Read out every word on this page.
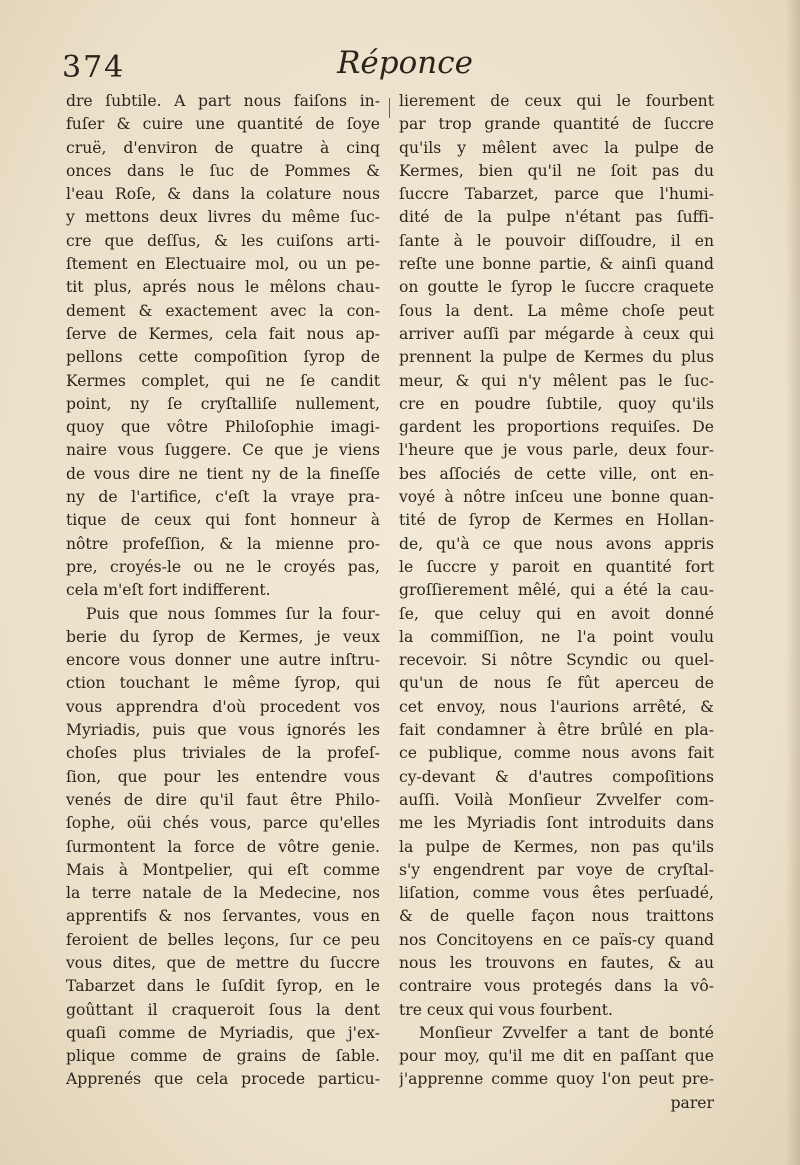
374	Réponce
dre ſubtile. A part nous faiſons in-
fuſer & cuire une quantité de ſoye
cruë, d'environ de quatre à cinq
onces dans le ſuc de Pommes &
l'eau Roſe, & dans la colature nous
y mettons deux livres du même ſuc-
cre que deſſus, & les cuiſons arti-
ſtement en Electuaire mol, ou un pe-
tit plus, aprés nous le mêlons chau-
dement & exactement avec la con-
ſerve de Kermes, cela fait nous ap-
pellons cette compoſition ſyrop de
Kermes complet, qui ne ſe candit
point, ny ſe cryſtalliſe nullement,
quoy que vôtre Philoſophie imagi-
naire vous ſuggere. Ce que je viens
de vous dire ne tient ny de la fineſſe
ny de l'artifice, c'eſt la vraye pra-
tique de ceux qui font honneur à
nôtre profeſſion, & la mienne pro-
pre, croyés-le ou ne le croyés pas,
cela m'eſt fort indifferent.
Puis que nous ſommes ſur la four-
berie du ſyrop de Kermes, je veux
encore vous donner une autre inſtru-
ction touchant le même ſyrop, qui
vous apprendra d'où procedent vos
Myriadis, puis que vous ignorés les
choſes plus triviales de la profeſ-
ſion, que pour les entendre vous
venés de dire qu'il faut être Philo-
ſophe, oüi chés vous, parce qu'elles
ſurmontent la force de vôtre genie.
Mais à Montpelier, qui eſt comme
la terre natale de la Medecine, nos
apprentifs & nos ſervantes, vous en
feroient de belles leçons, ſur ce peu
vous dites, que de mettre du ſuccre
Tabarzet dans le ſuſdit ſyrop, en le
goûttant il craqueroit ſous la dent
quaſi comme de Myriadis, que j'ex-
plique comme de grains de ſable.
Apprenés que cela procede particu-
lierement de ceux qui le fourbent
par trop grande quantité de ſuccre
qu'ils y mêlent avec la pulpe de
Kermes, bien qu'il ne ſoit pas du
ſuccre Tabarzet, parce que l'humi-
dité de la pulpe n'étant pas ſuffi-
ſante à le pouvoir diſſoudre, il en
reſte une bonne partie, & ainſi quand
on goutte le ſyrop le ſuccre craquete
ſous la dent. La même choſe peut
arriver auſſi par mégarde à ceux qui
prennent la pulpe de Kermes du plus
meur, & qui n'y mêlent pas le ſuc-
cre en poudre ſubtile, quoy qu'ils
gardent les proportions requiſes. De
l'heure que je vous parle, deux four-
bes aſſociés de cette ville, ont en-
voyé à nôtre inſceu une bonne quan-
tité de ſyrop de Kermes en Hollan-
de, qu'à ce que nous avons appris
le ſuccre y paroit en quantité fort
groſſierement mêlé, qui a été la cau-
ſe, que celuy qui en avoit donné
la commiſſion, ne l'a point voulu
recevoir. Si nôtre Scyndic ou quel-
qu'un de nous ſe fût aperceu de
cet envoy, nous l'aurions arrêté, &
fait condamner à être brûlé en pla-
ce publique, comme nous avons fait
cy-devant & d'autres compoſitions
auſſi. Voilà Monſieur Zvvelfer com-
me les Myriadis ſont introduits dans
la pulpe de Kermes, non pas qu'ils
s'y engendrent par voye de cryſtal-
liſation, comme vous êtes perſuadé,
& de quelle façon nous traittons
nos Concitoyens en ce païs-cy quand
nous les trouvons en fautes, & au
contraire vous protegés dans la vô-
tre ceux qui vous fourbent.
Monſieur Zvvelfer a tant de bonté
pour moy, qu'il me dit en paſſant que
j'apprenne comme quoy l'on peut pre-
parer
